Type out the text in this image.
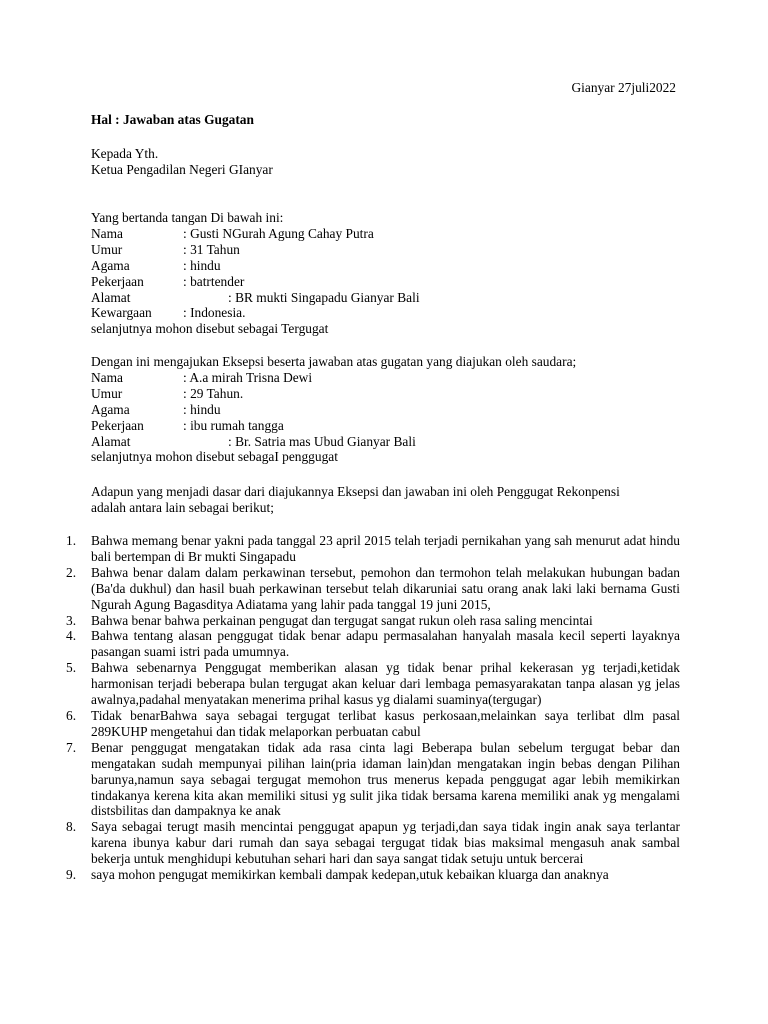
Gianyar 27juli2022
Hal : Jawaban atas Gugatan
Kepada Yth.
Ketua Pengadilan Negeri GIanyar
Yang bertanda tangan Di bawah ini:
Nama	: Gusti NGurah Agung Cahay Putra
Umur	: 31 Tahun
Agama	: hindu
Pekerjaan	: batrtender
Alamat	: BR mukti Singapadu Gianyar Bali
Kewargaan	: Indonesia.
selanjutnya mohon disebut sebagai Tergugat
Dengan ini mengajukan Eksepsi beserta jawaban atas gugatan yang diajukan oleh saudara;
Nama	: A.a mirah Trisna Dewi
Umur	: 29 Tahun.
Agama	: hindu
Pekerjaan	: ibu rumah tangga
Alamat	: Br. Satria mas Ubud Gianyar Bali
selanjutnya mohon disebut sebagaI penggugat
Adapun yang menjadi dasar dari diajukannya Eksepsi dan jawaban ini oleh Penggugat Rekonpensi
adalah antara lain sebagai berikut;
1. Bahwa memang benar yakni pada tanggal 23 april 2015 telah terjadi pernikahan yang sah menurut adat hindu bali bertempan di Br mukti Singapadu
2. Bahwa benar dalam dalam perkawinan tersebut, pemohon dan termohon telah melakukan hubungan badan (Ba'da dukhul) dan hasil buah perkawinan tersebut telah dikaruniai satu orang anak laki laki bernama Gusti Ngurah Agung Bagasditya Adiatama yang lahir pada tanggal 19 juni 2015,
3. Bahwa benar bahwa perkainan pengugat dan tergugat sangat rukun oleh rasa saling mencintai
4. Bahwa tentang alasan penggugat tidak benar adapu permasalahan hanyalah masala kecil seperti layaknya pasangan suami istri pada umumnya.
5. Bahwa sebenarnya Penggugat memberikan alasan yg tidak benar prihal kekerasan yg terjadi,ketidak harmonisan terjadi beberapa bulan tergugat akan keluar dari lembaga pemasyarakatan tanpa alasan yg jelas awalnya,padahal menyatakan menerima prihal kasus yg dialami suaminya(tergugar)
6. Tidak benarBahwa saya sebagai tergugat terlibat kasus perkosaan,melainkan saya terlibat dlm pasal 289KUHP mengetahui dan tidak melaporkan perbuatan cabul
7. Benar penggugat mengatakan tidak ada rasa cinta lagi Beberapa bulan sebelum tergugat bebar dan mengatakan sudah mempunyai pilihan lain(pria idaman lain)dan mengatakan ingin bebas dengan Pilihan barunya,namun saya sebagai tergugat memohon trus menerus kepada penggugat agar lebih memikirkan tindakanya kerena kita akan memiliki situsi yg sulit jika tidak bersama karena memiliki anak yg mengalami distsbilitas dan dampaknya ke anak
8. Saya sebagai terugt masih mencintai penggugat apapun yg terjadi,dan saya tidak ingin anak saya terlantar karena ibunya kabur dari rumah dan saya sebagai tergugat tidak bias maksimal mengasuh anak sambal bekerja untuk menghidupi kebutuhan sehari hari dan saya sangat tidak setuju untuk bercerai
9. saya mohon pengugat memikirkan kembali dampak kedepan,utuk kebaikan kluarga dan anaknya
